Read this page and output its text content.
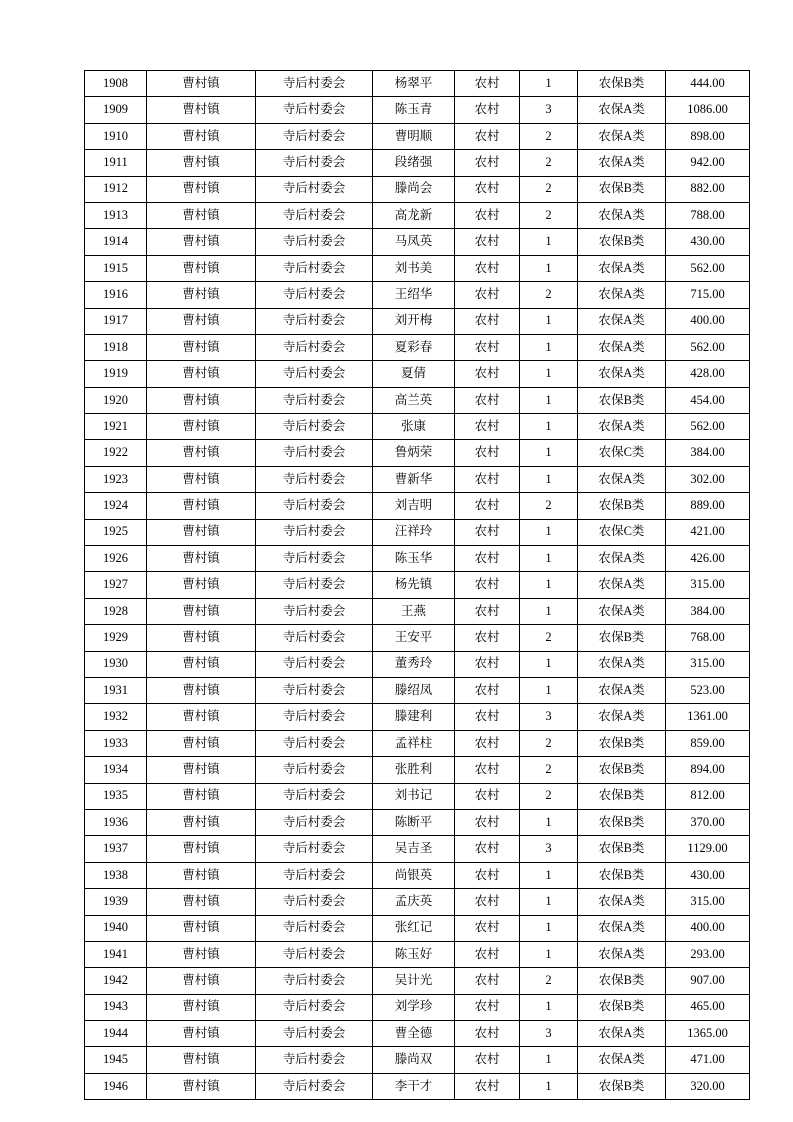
1908	曹村镇	寺后村委会	杨翠平	农村	1	农保B类	444.00
1909	曹村镇	寺后村委会	陈玉青	农村	3	农保A类	1086.00
1910	曹村镇	寺后村委会	曹明顺	农村	2	农保A类	898.00
1911	曹村镇	寺后村委会	段绪强	农村	2	农保A类	942.00
1912	曹村镇	寺后村委会	滕尚会	农村	2	农保B类	882.00
1913	曹村镇	寺后村委会	高龙新	农村	2	农保A类	788.00
1914	曹村镇	寺后村委会	马凤英	农村	1	农保B类	430.00
1915	曹村镇	寺后村委会	刘书美	农村	1	农保A类	562.00
1916	曹村镇	寺后村委会	王绍华	农村	2	农保A类	715.00
1917	曹村镇	寺后村委会	刘开梅	农村	1	农保A类	400.00
1918	曹村镇	寺后村委会	夏彩春	农村	1	农保A类	562.00
1919	曹村镇	寺后村委会	夏倩	农村	1	农保A类	428.00
1920	曹村镇	寺后村委会	高兰英	农村	1	农保B类	454.00
1921	曹村镇	寺后村委会	张康	农村	1	农保A类	562.00
1922	曹村镇	寺后村委会	鲁炳荣	农村	1	农保C类	384.00
1923	曹村镇	寺后村委会	曹新华	农村	1	农保A类	302.00
1924	曹村镇	寺后村委会	刘吉明	农村	2	农保B类	889.00
1925	曹村镇	寺后村委会	汪祥玲	农村	1	农保C类	421.00
1926	曹村镇	寺后村委会	陈玉华	农村	1	农保A类	426.00
1927	曹村镇	寺后村委会	杨先镇	农村	1	农保A类	315.00
1928	曹村镇	寺后村委会	王燕	农村	1	农保A类	384.00
1929	曹村镇	寺后村委会	王安平	农村	2	农保B类	768.00
1930	曹村镇	寺后村委会	董秀玲	农村	1	农保A类	315.00
1931	曹村镇	寺后村委会	滕绍凤	农村	1	农保A类	523.00
1932	曹村镇	寺后村委会	滕建利	农村	3	农保A类	1361.00
1933	曹村镇	寺后村委会	孟祥柱	农村	2	农保B类	859.00
1934	曹村镇	寺后村委会	张胜利	农村	2	农保B类	894.00
1935	曹村镇	寺后村委会	刘书记	农村	2	农保B类	812.00
1936	曹村镇	寺后村委会	陈断平	农村	1	农保B类	370.00
1937	曹村镇	寺后村委会	吴吉圣	农村	3	农保B类	1129.00
1938	曹村镇	寺后村委会	尚银英	农村	1	农保B类	430.00
1939	曹村镇	寺后村委会	孟庆英	农村	1	农保A类	315.00
1940	曹村镇	寺后村委会	张红记	农村	1	农保A类	400.00
1941	曹村镇	寺后村委会	陈玉好	农村	1	农保A类	293.00
1942	曹村镇	寺后村委会	吴计光	农村	2	农保B类	907.00
1943	曹村镇	寺后村委会	刘学珍	农村	1	农保B类	465.00
1944	曹村镇	寺后村委会	曹全德	农村	3	农保A类	1365.00
1945	曹村镇	寺后村委会	滕尚双	农村	1	农保A类	471.00
1946	曹村镇	寺后村委会	李干才	农村	1	农保B类	320.00
